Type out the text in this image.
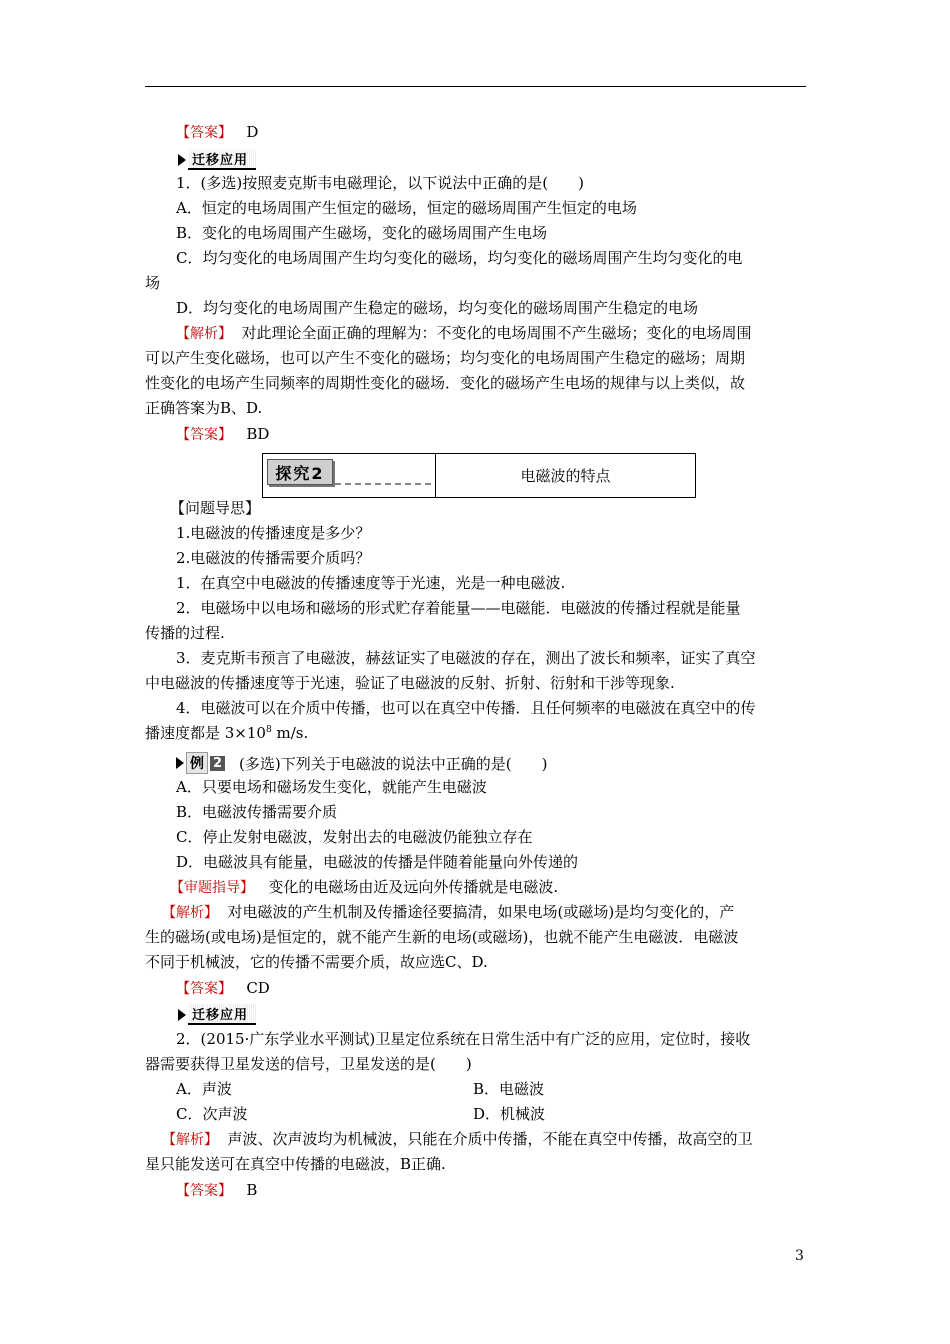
【答案】 D
迁移应用
1．(多选)按照麦克斯韦电磁理论，以下说法中正确的是(　　)
A．恒定的电场周围产生恒定的磁场，恒定的磁场周围产生恒定的电场
B．变化的电场周围产生磁场，变化的磁场周围产生电场
C．均匀变化的电场周围产生均匀变化的磁场，均匀变化的磁场周围产生均匀变化的电
场
D．均匀变化的电场周围产生稳定的磁场，均匀变化的磁场周围产生稳定的电场
【解析】 对此理论全面正确的理解为：不变化的电场周围不产生磁场；变化的电场周围
可以产生变化磁场，也可以产生不变化的磁场；均匀变化的电场周围产生稳定的磁场；周期
性变化的电场产生同频率的周期性变化的磁场．变化的磁场产生电场的规律与以上类似，故
正确答案为B、D.
【答案】 BD
探究2	电磁波的特点
【问题导思】
1.电磁波的传播速度是多少？
2.电磁波的传播需要介质吗？
1．在真空中电磁波的传播速度等于光速，光是一种电磁波.
2．电磁场中以电场和磁场的形式贮存着能量——电磁能．电磁波的传播过程就是能量
传播的过程.
3．麦克斯韦预言了电磁波，赫兹证实了电磁波的存在，测出了波长和频率，证实了真空
中电磁波的传播速度等于光速，验证了电磁波的反射、折射、衍射和干涉等现象.
4．电磁波可以在介质中传播，也可以在真空中传播．且任何频率的电磁波在真空中的传
播速度都是 $3\times 10^8$ m/s.
例 2 (多选)下列关于电磁波的说法中正确的是(　　)
A．只要电场和磁场发生变化，就能产生电磁波
B．电磁波传播需要介质
C．停止发射电磁波，发射出去的电磁波仍能独立存在
D．电磁波具有能量，电磁波的传播是伴随着能量向外传递的
【审题指导】 变化的电磁场由近及远向外传播就是电磁波.
【解析】 对电磁波的产生机制及传播途径要搞清，如果电场(或磁场)是均匀变化的，产
生的磁场(或电场)是恒定的，就不能产生新的电场(或磁场)，也就不能产生电磁波．电磁波
不同于机械波，它的传播不需要介质，故应选C、D.
【答案】 CD
迁移应用
2．(2015·广东学业水平测试)卫星定位系统在日常生活中有广泛的应用，定位时，接收
器需要获得卫星发送的信号，卫星发送的是(　　)
A．声波	B．电磁波
C．次声波	D．机械波
【解析】 声波、次声波均为机械波，只能在介质中传播，不能在真空中传播，故高空的卫
星只能发送可在真空中传播的电磁波，B正确.
【答案】 B
3
